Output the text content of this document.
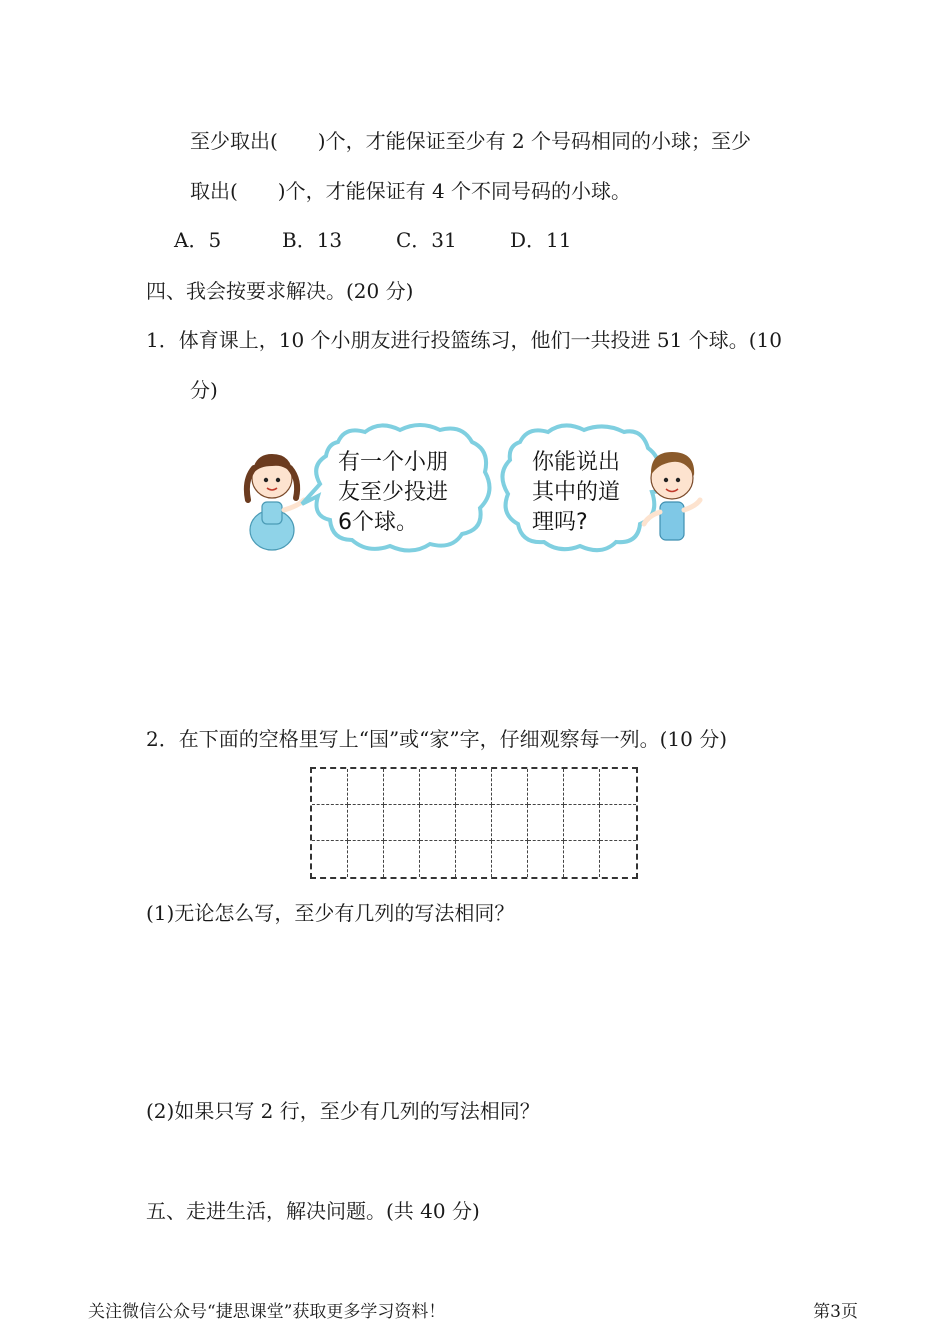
至少取出(　　)个，才能保证至少有 2 个号码相同的小球；至少
取出(　　)个，才能保证有 4 个不同号码的小球。
A．5	B．13	C．31	D．11
四、我会按要求解决。(20 分)
1．体育课上，10 个小朋友进行投篮练习，他们一共投进 51 个球。(10
分)
有一个小朋
友至少投进
6个球。
你能说出
其中的道
理吗?
2．在下面的空格里写上“国”或“家”字，仔细观察每一列。(10 分)
(1)无论怎么写，至少有几列的写法相同？
(2)如果只写 2 行，至少有几列的写法相同？
五、走进生活，解决问题。(共 40 分)
关注微信公众号“捷思课堂”获取更多学习资料！	第3页
